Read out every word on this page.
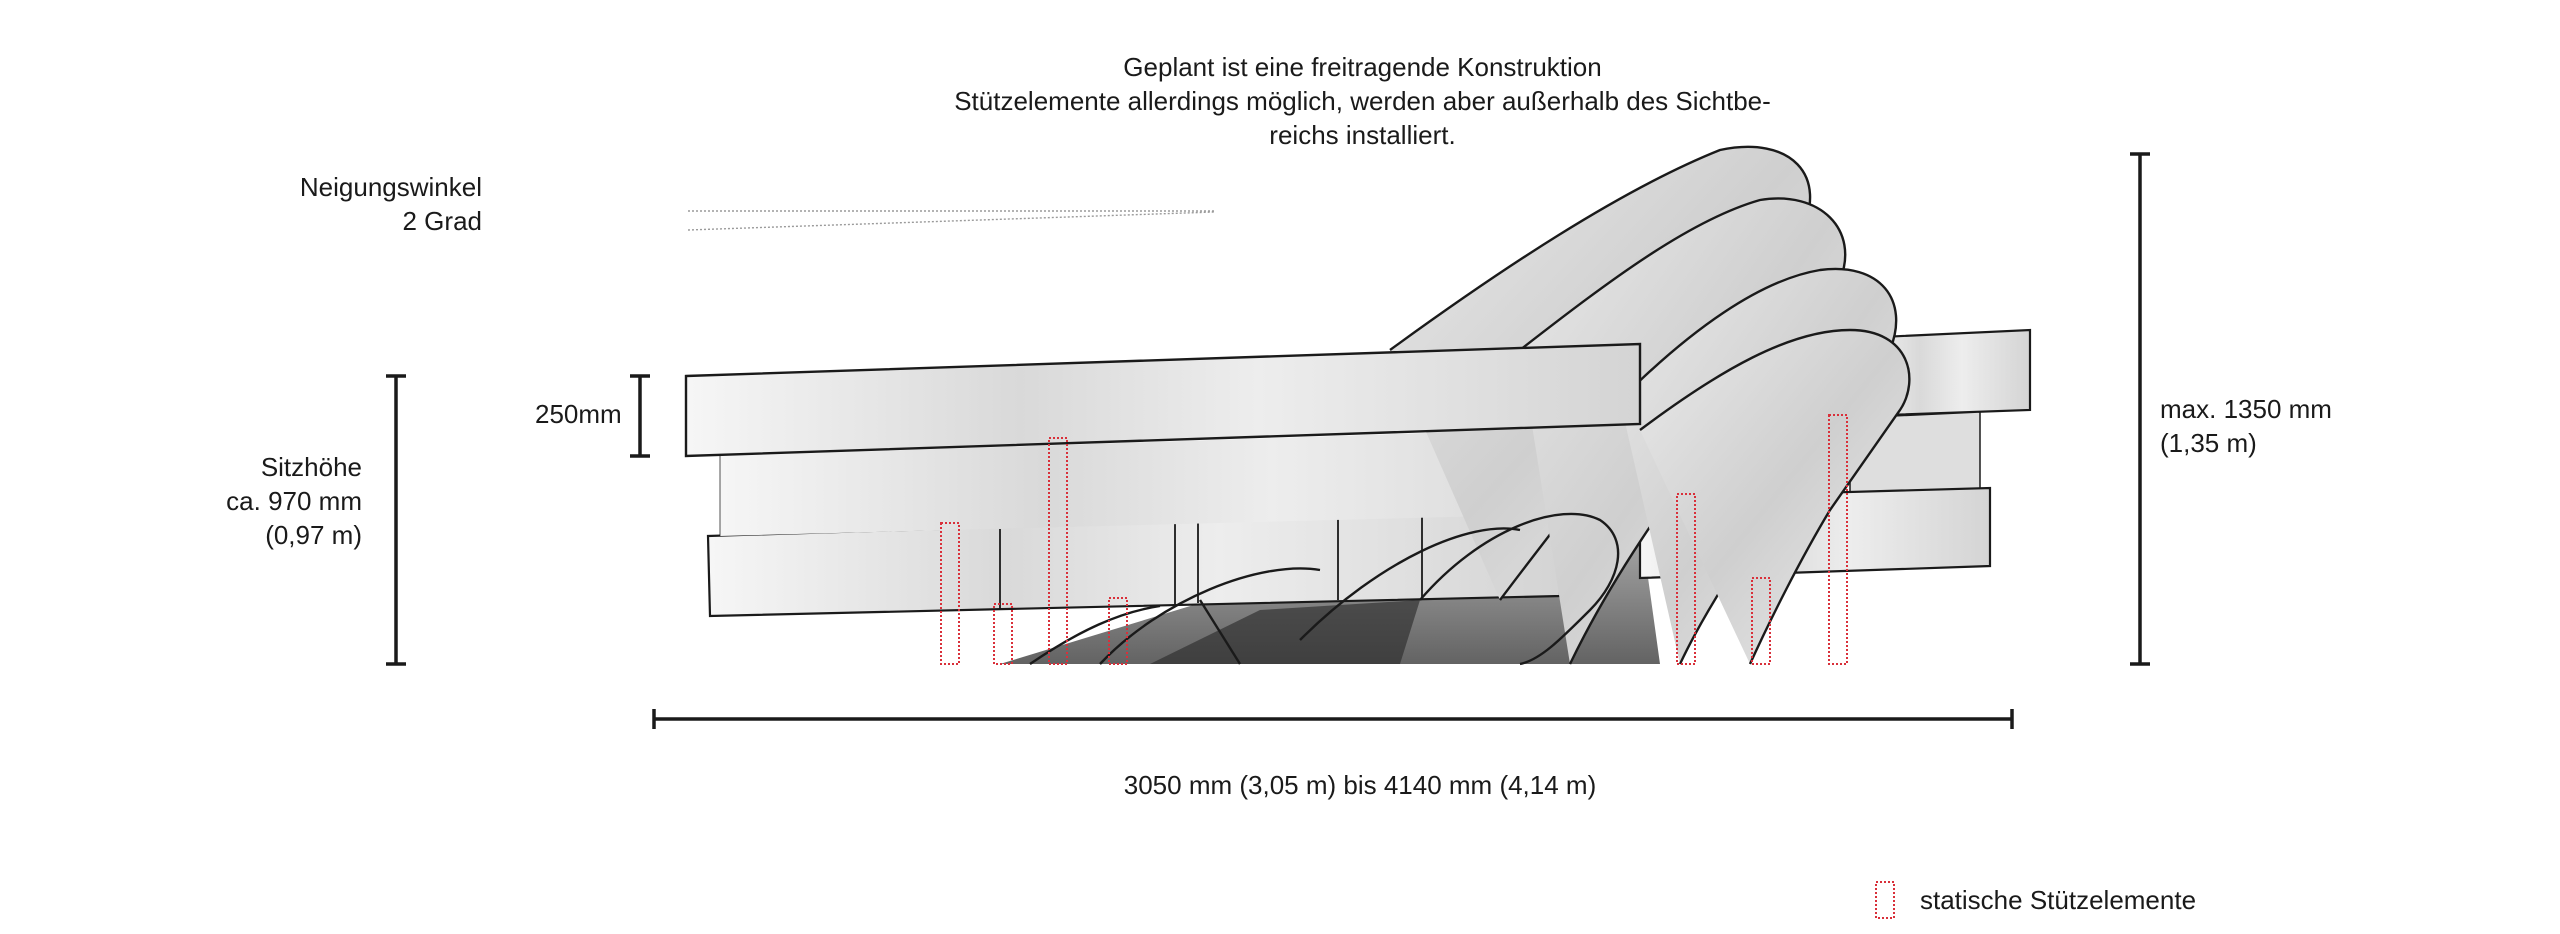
Geplant ist eine freitragende Konstruktion
Stützelemente allerdings möglich, werden aber außerhalb des Sichtbe-
reichs installiert.
Neigungswinkel
2 Grad
250mm
Sitzhöhe
ca. 970 mm
(0,97 m)
max. 1350 mm
(1,35 m)
3050 mm (3,05 m) bis 4140 mm (4,14 m)
statische Stützelemente
